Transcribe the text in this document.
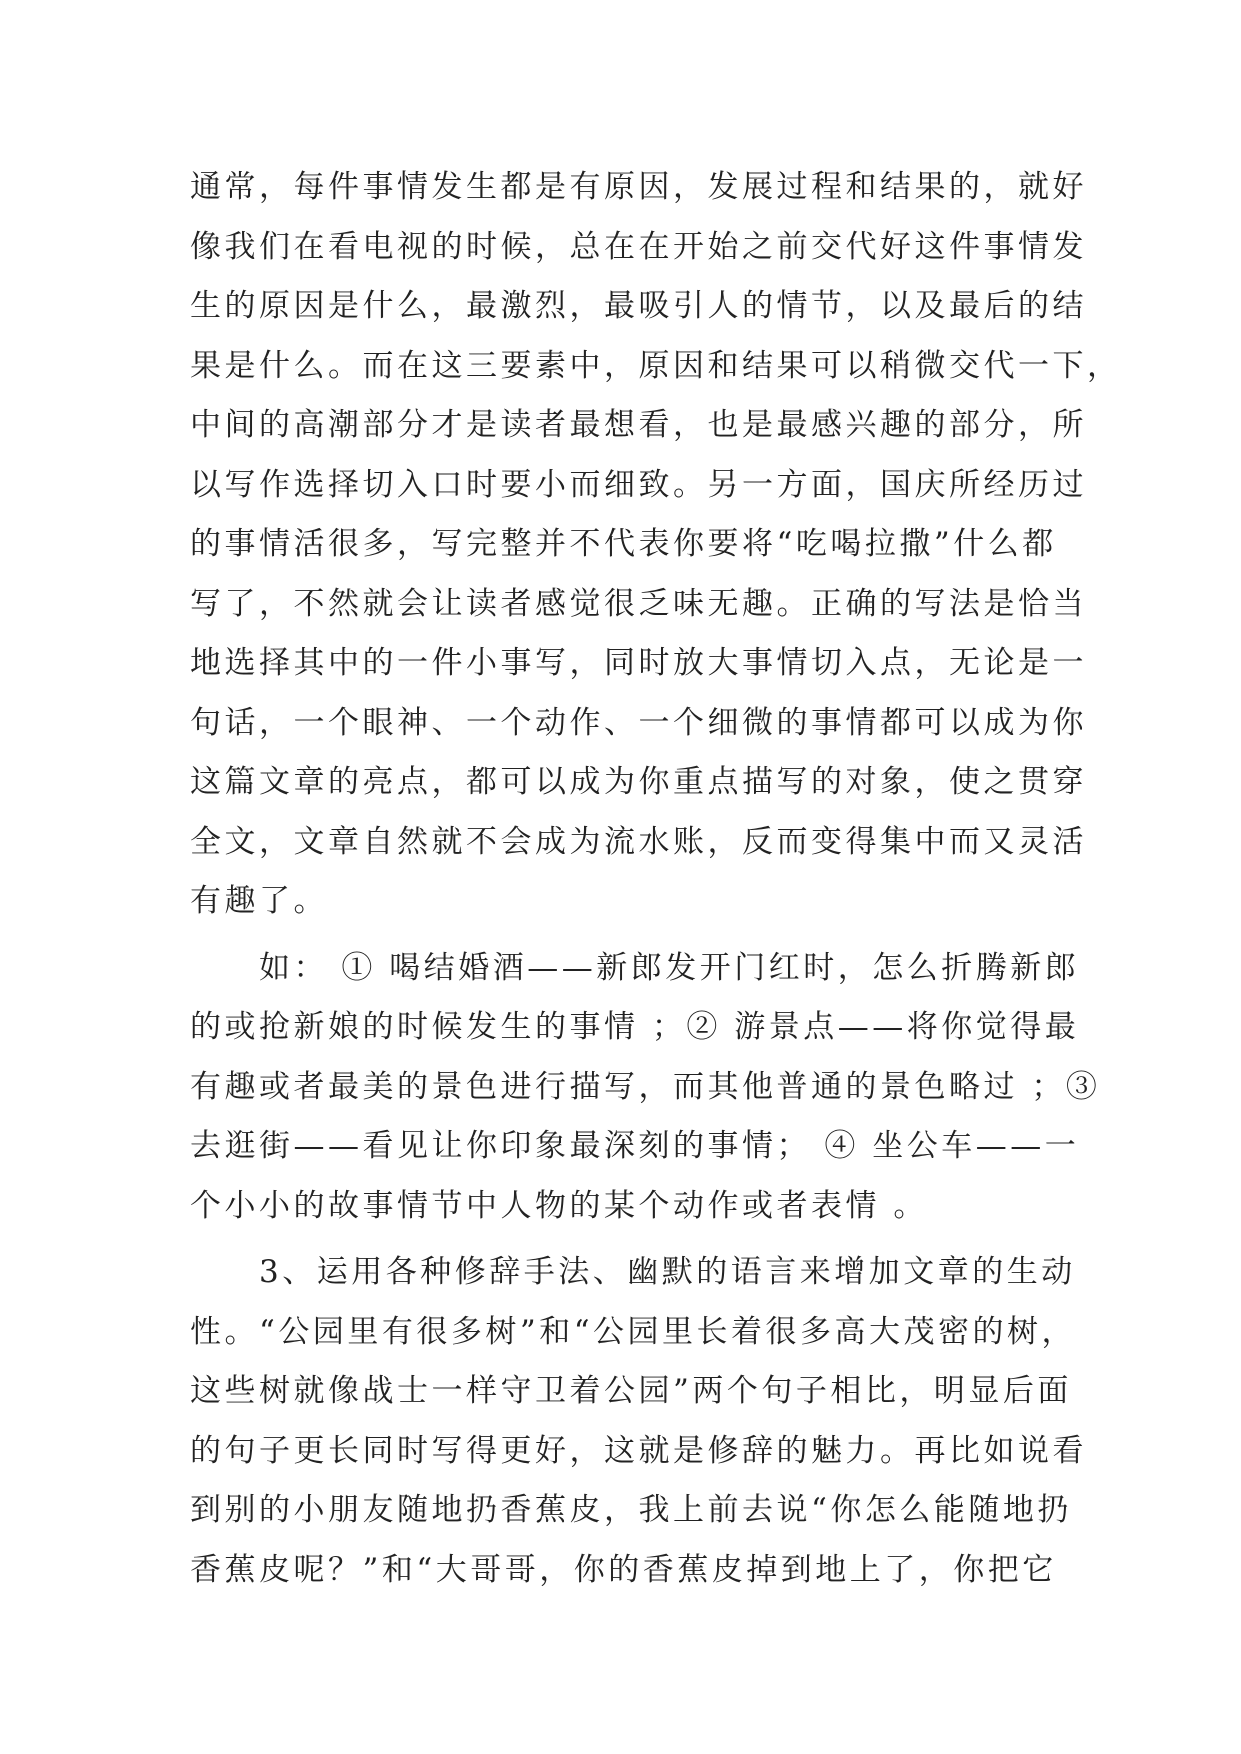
通常，每件事情发生都是有原因，发展过程和结果的，就好
像我们在看电视的时候，总在在开始之前交代好这件事情发
生的原因是什么，最激烈，最吸引人的情节，以及最后的结
果是什么。而在这三要素中，原因和结果可以稍微交代一下，
中间的高潮部分才是读者最想看，也是最感兴趣的部分，所
以写作选择切入口时要小而细致。另一方面，国庆所经历过
的事情活很多，写完整并不代表你要将“吃喝拉撒”什么都
写了，不然就会让读者感觉很乏味无趣。正确的写法是恰当
地选择其中的一件小事写，同时放大事情切入点，无论是一
句话，一个眼神、一个动作、一个细微的事情都可以成为你
这篇文章的亮点，都可以成为你重点描写的对象，使之贯穿
全文，文章自然就不会成为流水账，反而变得集中而又灵活
有趣了。
　　如： ① 喝结婚酒——新郎发开门红时，怎么折腾新郎
的或抢新娘的时候发生的事情 ；② 游景点——将你觉得最
有趣或者最美的景色进行描写，而其他普通的景色略过 ；③
去逛街——看见让你印象最深刻的事情； ④ 坐公车——一
个小小的故事情节中人物的某个动作或者表情 。
　　3、运用各种修辞手法、幽默的语言来增加文章的生动
性。“公园里有很多树”和“公园里长着很多高大茂密的树，
这些树就像战士一样守卫着公园”两个句子相比，明显后面
的句子更长同时写得更好，这就是修辞的魅力。再比如说看
到别的小朋友随地扔香蕉皮，我上前去说“你怎么能随地扔
香蕉皮呢？”和“大哥哥，你的香蕉皮掉到地上了，你把它
